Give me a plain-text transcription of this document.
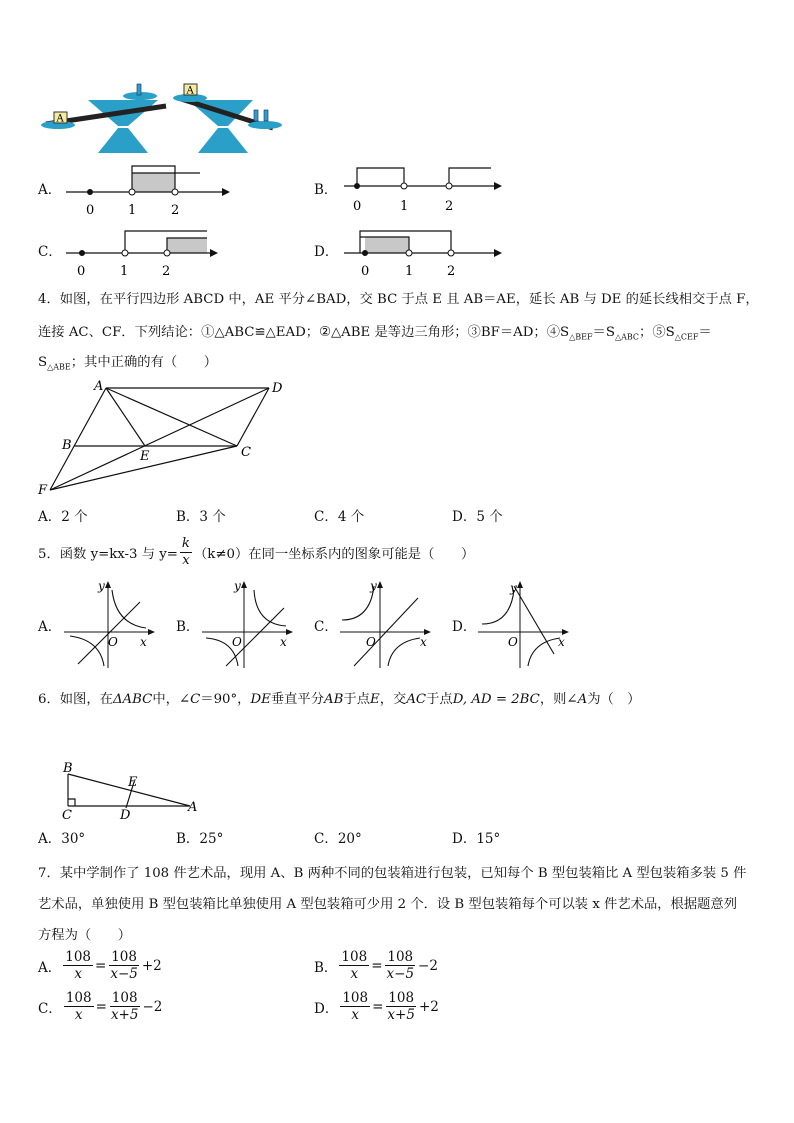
A
A
A．
0	1	2
B．
0	1	2
C．
0	1	2
D．
0	1	2
4．如图，在平行四边形 ABCD 中，AE 平分∠BAD，交 BC 于点 E 且 AB＝AE，延长 AB 与 DE 的延长线相交于点 F，
连接 AC、CF．下列结论：①△ABC≌△EAD；②△ABE 是等边三角形；③BF＝AD；$④S_{\triangle BEF}=S_{\triangle ABC}$；$⑤S_{\triangle CEF}=$
$S_{\triangle ABE}$；其中正确的有（　　）
A	D
B
E	C
F
A．2 个	B．3 个	C．4 个	D．5 个
5．函数 y=kx-3 与 $y= \frac{k}{x} (k\ne 0)$在同一坐标系内的图象可能是（　　）
A．
y
x
O
B．
y
x
O
C．
y
x
O
D．
y
x
O
6．如图，在ΔABC中，∠C＝90°，DE垂直平分AB于点E，交AC于点D, AD = 2BC，则∠A为（　）
B
E
C	D
A
A．30°	B．25°	C．20°	D．15°
7．某中学制作了 108 件艺术品，现用 A、B 两种不同的包装箱进行包装，已知每个 B 型包装箱比 A 型包装箱多装 5 件
艺术品，单独使用 B 型包装箱比单独使用 A 型包装箱可少用 2 个．设 B 型包装箱每个可以装 x 件艺术品，根据题意列
方程为（　　）
A． $\frac{108}{x} = \frac{108}{x-5} +2$	B． $\frac{108}{x} = \frac{108}{x-5} -2$
C． $\frac{108}{x} = \frac{108}{x+5} -2$	D． $\frac{108}{x} = \frac{108}{x+5} +2$
